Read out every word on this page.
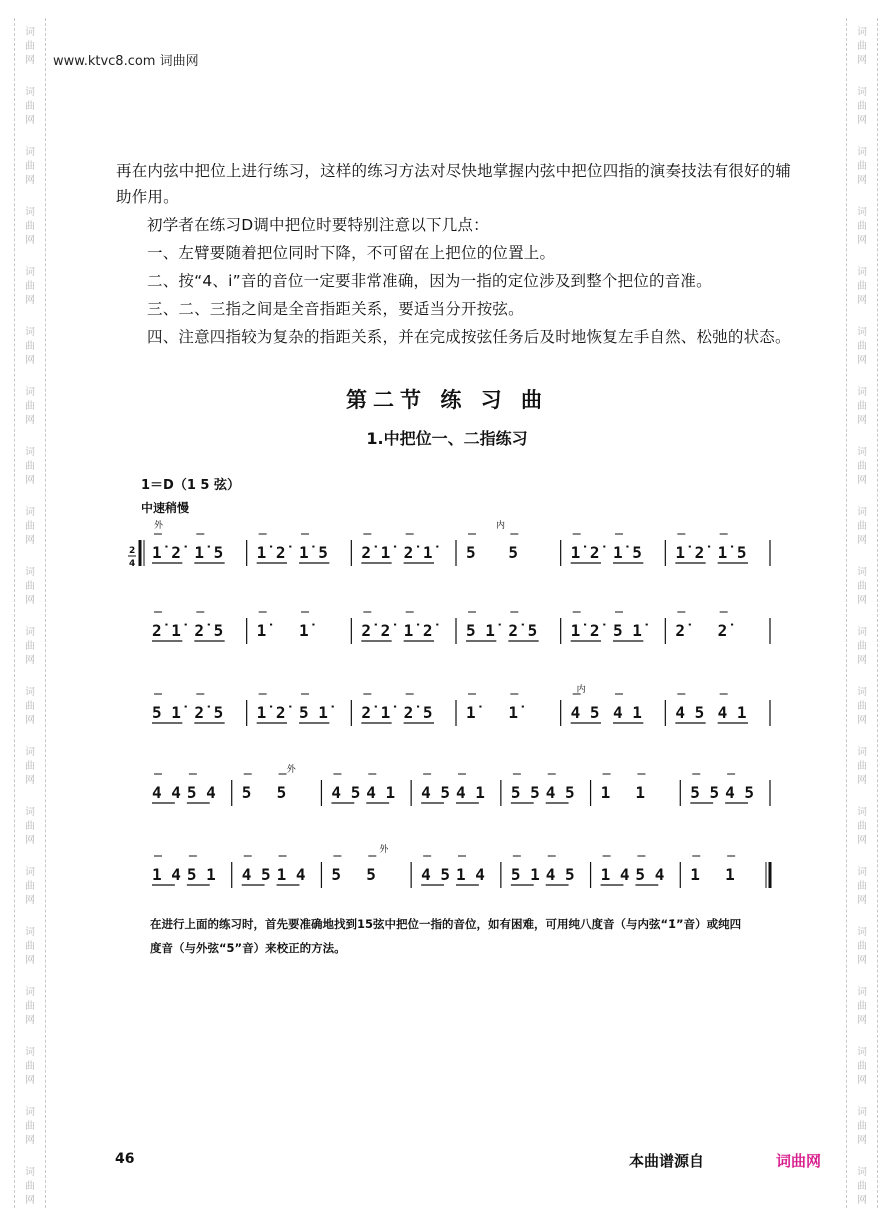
词
曲
网
词
曲
网
词
曲
网
词
曲
网
词
曲
网
词
曲
网
词
曲
网
词
曲
网
词
曲
网
词
曲
网
词
曲
网
词
曲
网
词
曲
网
词
曲
网
词
曲
网
词
曲
网
词
曲
网
词
曲
网
词
曲
网
词
曲
网
词
曲
网
词
曲
网
词
曲
网
词
曲
网
词
曲
网
词
曲
网
词
曲
网
词
曲
网
词
曲
网
词
曲
网
词
曲
网
词
曲
网
词
曲
网
词
曲
网
词
曲
网
词
曲
网
词
曲
网
词
曲
网
词
曲
网
词
曲
网
www.ktvc8.com 词曲网
再在内弦中把位上进行练习，这样的练习方法对尽快地掌握内弦中把位四指的演奏技法有很好的辅助作用。
初学者在练习D调中把位时要特别注意以下几点：
一、左臂要随着把位同时下降，不可留在上把位的位置上。
二、按“4、i”音的音位一定要非常准确，因为一指的定位涉及到整个把位的音准。
三、二、三指之间是全音指距关系，要适当分开按弦。
四、注意四指较为复杂的指距关系，并在完成按弦任务后及时地恢复左手自然、松弛的状态。
第二节 练 习 曲
1.中把位一、二指练习
1＝D（1 5 弦）
中速稍慢
2
4
1̇ 2̇ 1̇ 5 1̇ 2̇ 1̇ 5 2̇ 1̇ 2̇ 1̇	5 5	1̇ 2̇ 1̇ 5 1̇ 2̇ 1̇ 5
外	内
2̇ 1̇ 2̇ 5 1̇	1̇	2̇ 2̇ 1̇ 2̇	5 1̇ 2̇ 5 1̇ 2̇ 5 1̇	2̇	2̇
5 1̇ 2̇ 5 1̇ 2̇ 5 1̇	2̇ 1̇ 2̇ 5 1̇	1̇	4 5 4 1 4 5 4 1
内
4 4 5 4 5 5	4 5 4 1 4 5 4 1 5 5 4 5 1 1	5 5 4 5
外
1 4 5 1 4 5 1 4 5 5	4 5 1 4 5 1 4 5 1 4 5 4 1 1
外
在进行上面的练习时，首先要准确地找到15弦中把位一指的音位，如有困难，可用纯八度音（与内弦“1̇”音）或纯四
度音（与外弦“5”音）来校正的方法。
46	本曲谱源自	词曲网
